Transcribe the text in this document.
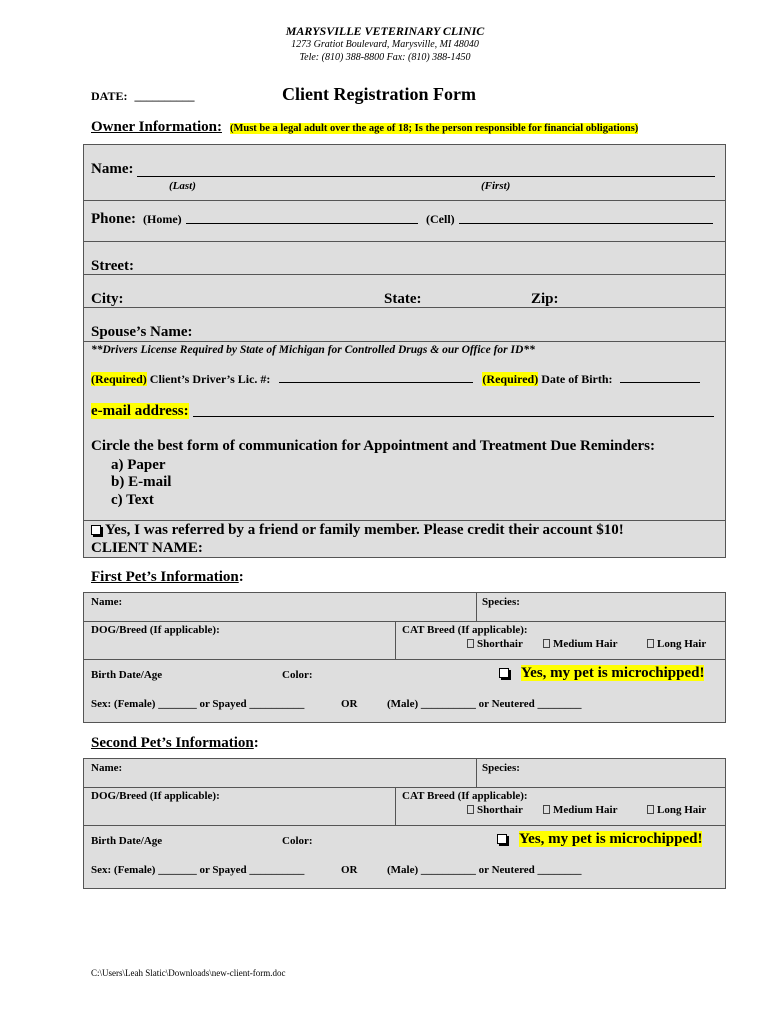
MARYSVILLE VETERINARY CLINIC
1273 Gratiot Boulevard, Marysville, MI 48040
Tele: (810) 388-8800 Fax: (810) 388-1450
DATE: __________	Client Registration Form
Owner Information: (Must be a legal adult over the age of 18; Is the person responsible for financial obligations)
Name:
(Last)	(First)
Phone: (Home)	(Cell)
Street:
City:	State:	Zip:
Spouse’s Name:
**Drivers License Required by State of Michigan for Controlled Drugs & our Office for ID**
(Required) Client’s Driver’s Lic. #:	(Required) Date of Birth:
e-mail address:
Circle the best form of communication for Appointment and Treatment Due Reminders:
a) Paper
b) E-mail
c) Text
Yes, I was referred by a friend or family member. Please credit their account $10!
CLIENT NAME:
First Pet’s Information:
Name:	Species:
DOG/Breed (If applicable):	CAT Breed (If applicable):
Shorthair	Medium Hair	Long Hair
Birth Date/Age	Color:	Yes, my pet is microchipped!
Sex: (Female) _______ or Spayed __________	OR	(Male) __________ or Neutered ________
Second Pet’s Information:
Name:	Species:
DOG/Breed (If applicable):	CAT Breed (If applicable):
Shorthair	Medium Hair	Long Hair
Birth Date/Age	Color:	Yes, my pet is microchipped!
Sex: (Female) _______ or Spayed __________	OR	(Male) __________ or Neutered ________
C:\Users\Leah Slatic\Downloads\new-client-form.doc
